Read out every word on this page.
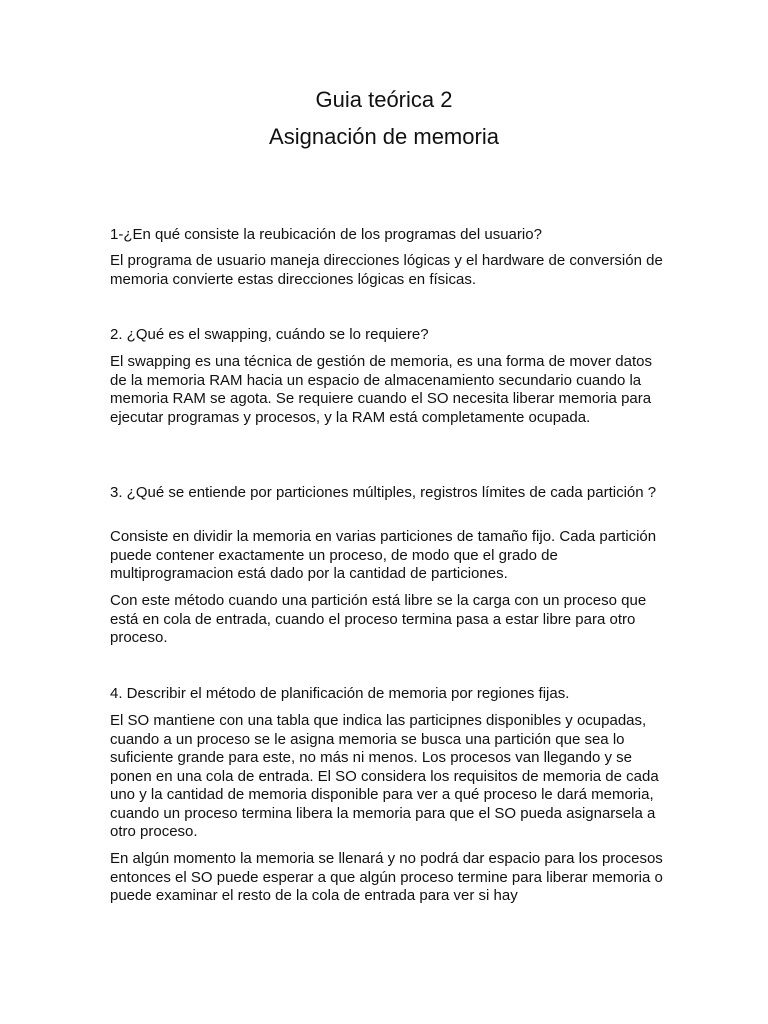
Guia teórica 2
Asignación de memoria

1-¿En qué consiste la reubicación de los programas del usuario?

El programa de usuario maneja direcciones lógicas y el hardware de conversión de memoria convierte estas direcciones lógicas en físicas.

2. ¿Qué es el swapping, cuándo se lo requiere?

El swapping es una técnica de gestión de memoria, es una forma de mover datos de la memoria RAM hacia un espacio de almacenamiento secundario cuando la memoria RAM se agota. Se requiere cuando el SO necesita liberar memoria para ejecutar programas y procesos, y la RAM está completamente ocupada.

3. ¿Qué se entiende por particiones múltiples, registros límites de cada partición ?

Consiste en dividir la memoria en varias particiones de tamaño fijo. Cada partición puede contener exactamente un proceso, de modo que el grado de multiprogramacion está dado por la cantidad de particiones.

Con este método cuando una partición está libre se la carga con un proceso que está en cola de entrada, cuando el proceso termina pasa a estar libre para otro proceso.

4. Describir el método de planificación de memoria por regiones fijas.

El SO mantiene con una tabla que indica las participnes disponibles y ocupadas, cuando a un proceso se le asigna memoria se busca una partición que sea lo suficiente grande para este, no más ni menos. Los procesos van llegando y se ponen en una cola de entrada. El SO considera los requisitos de memoria de cada uno y la cantidad de memoria disponible para ver a qué proceso le dará memoria, cuando un proceso termina libera la memoria para que el SO pueda asignarsela a otro proceso.

En algún momento la memoria se llenará y no podrá dar espacio para los procesos entonces el SO puede esperar a que algún proceso termine para liberar memoria o puede examinar el resto de la cola de entrada para ver si hay
